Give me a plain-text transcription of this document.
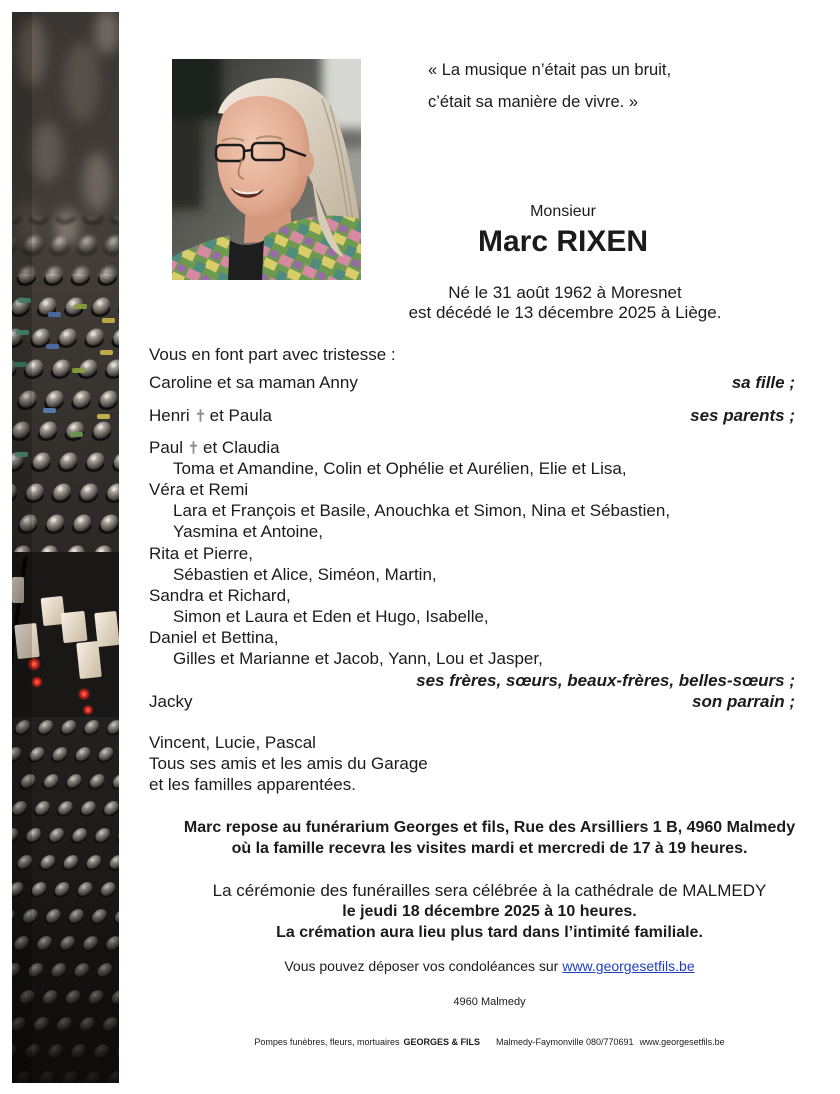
« La musique n’était pas un bruit,
c’était sa manière de vivre. »
Monsieur
Marc RIXEN
Né le 31 août 1962 à Moresnet
est décédé le 13 décembre 2025 à Liège.
Vous en font part avec tristesse :
Caroline et sa maman Anny	sa fille ;
Henri et Paula	ses parents ;
Paul et Claudia
Toma et Amandine, Colin et Ophélie et Aurélien, Elie et Lisa,
Véra et Remi
Lara et François et Basile, Anouchka et Simon, Nina et Sébastien,
Yasmina et Antoine,
Rita et Pierre,
Sébastien et Alice, Siméon, Martin,
Sandra et Richard,
Simon et Laura et Eden et Hugo, Isabelle,
Daniel et Bettina,
Gilles et Marianne et Jacob, Yann, Lou et Jasper,
ses frères, sœurs, beaux-frères, belles-sœurs ;
Jacky	son parrain ;
Vincent, Lucie, Pascal
Tous ses amis et les amis du Garage
et les familles apparentées.
Marc repose au funérarium Georges et fils, Rue des Arsilliers 1 B, 4960 Malmedy
où la famille recevra les visites mardi et mercredi de 17 à 19 heures.
La cérémonie des funérailles sera célébrée à la cathédrale de MALMEDY
le jeudi 18 décembre 2025 à 10 heures.
La crémation aura lieu plus tard dans l’intimité familiale.
Vous pouvez déposer vos condoléances sur www.georgesetfils.be
4960 Malmedy
Pompes funèbres, fleurs, mortuaires GEORGES & FILS Malmedy-Faymonville 080/770691 www.georgesetfils.be
